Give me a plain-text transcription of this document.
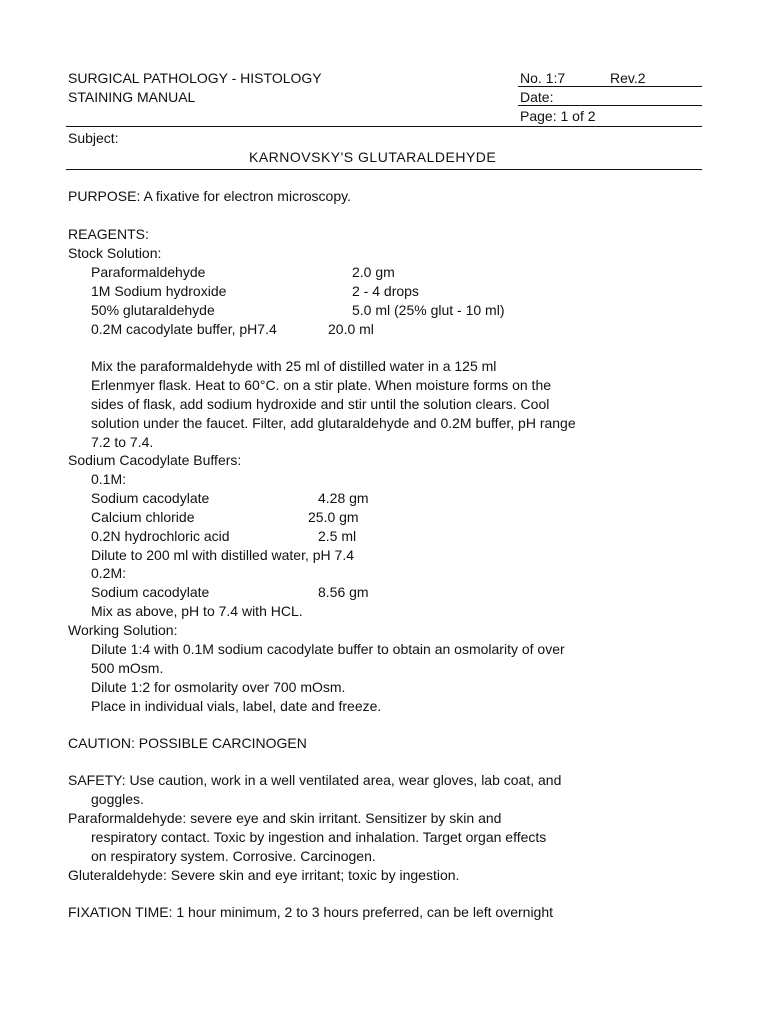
SURGICAL PATHOLOGY - HISTOLOGY
STAINING MANUAL
No. 1:7	Rev.2
Date:
Page: 1 of 2
Subject:
KARNOVSKY'S GLUTARALDEHYDE
PURPOSE: A fixative for electron microscopy.
REAGENTS:
Stock Solution:
Paraformaldehyde	2.0 gm
1M Sodium hydroxide	2 - 4 drops
50% glutaraldehyde	5.0 ml (25% glut - 10 ml)
0.2M cacodylate buffer, pH7.4	20.0 ml
Mix the paraformaldehyde with 25 ml of distilled water in a 125 ml
Erlenmyer flask. Heat to 60°C. on a stir plate. When moisture forms on the
sides of flask, add sodium hydroxide and stir until the solution clears. Cool
solution under the faucet. Filter, add glutaraldehyde and 0.2M buffer, pH range
7.2 to 7.4.
Sodium Cacodylate Buffers:
0.1M:
Sodium cacodylate	4.28 gm
Calcium chloride	25.0 gm
0.2N hydrochloric acid	2.5 ml
Dilute to 200 ml with distilled water, pH 7.4
0.2M:
Sodium cacodylate	8.56 gm
Mix as above, pH to 7.4 with HCL.
Working Solution:
Dilute 1:4 with 0.1M sodium cacodylate buffer to obtain an osmolarity of over
500 mOsm.
Dilute 1:2 for osmolarity over 700 mOsm.
Place in individual vials, label, date and freeze.
CAUTION: POSSIBLE CARCINOGEN
SAFETY: Use caution, work in a well ventilated area, wear gloves, lab coat, and
goggles.
Paraformaldehyde: severe eye and skin irritant. Sensitizer by skin and
respiratory contact. Toxic by ingestion and inhalation. Target organ effects
on respiratory system. Corrosive. Carcinogen.
Gluteraldehyde: Severe skin and eye irritant; toxic by ingestion.
FIXATION TIME: 1 hour minimum, 2 to 3 hours preferred, can be left overnight
